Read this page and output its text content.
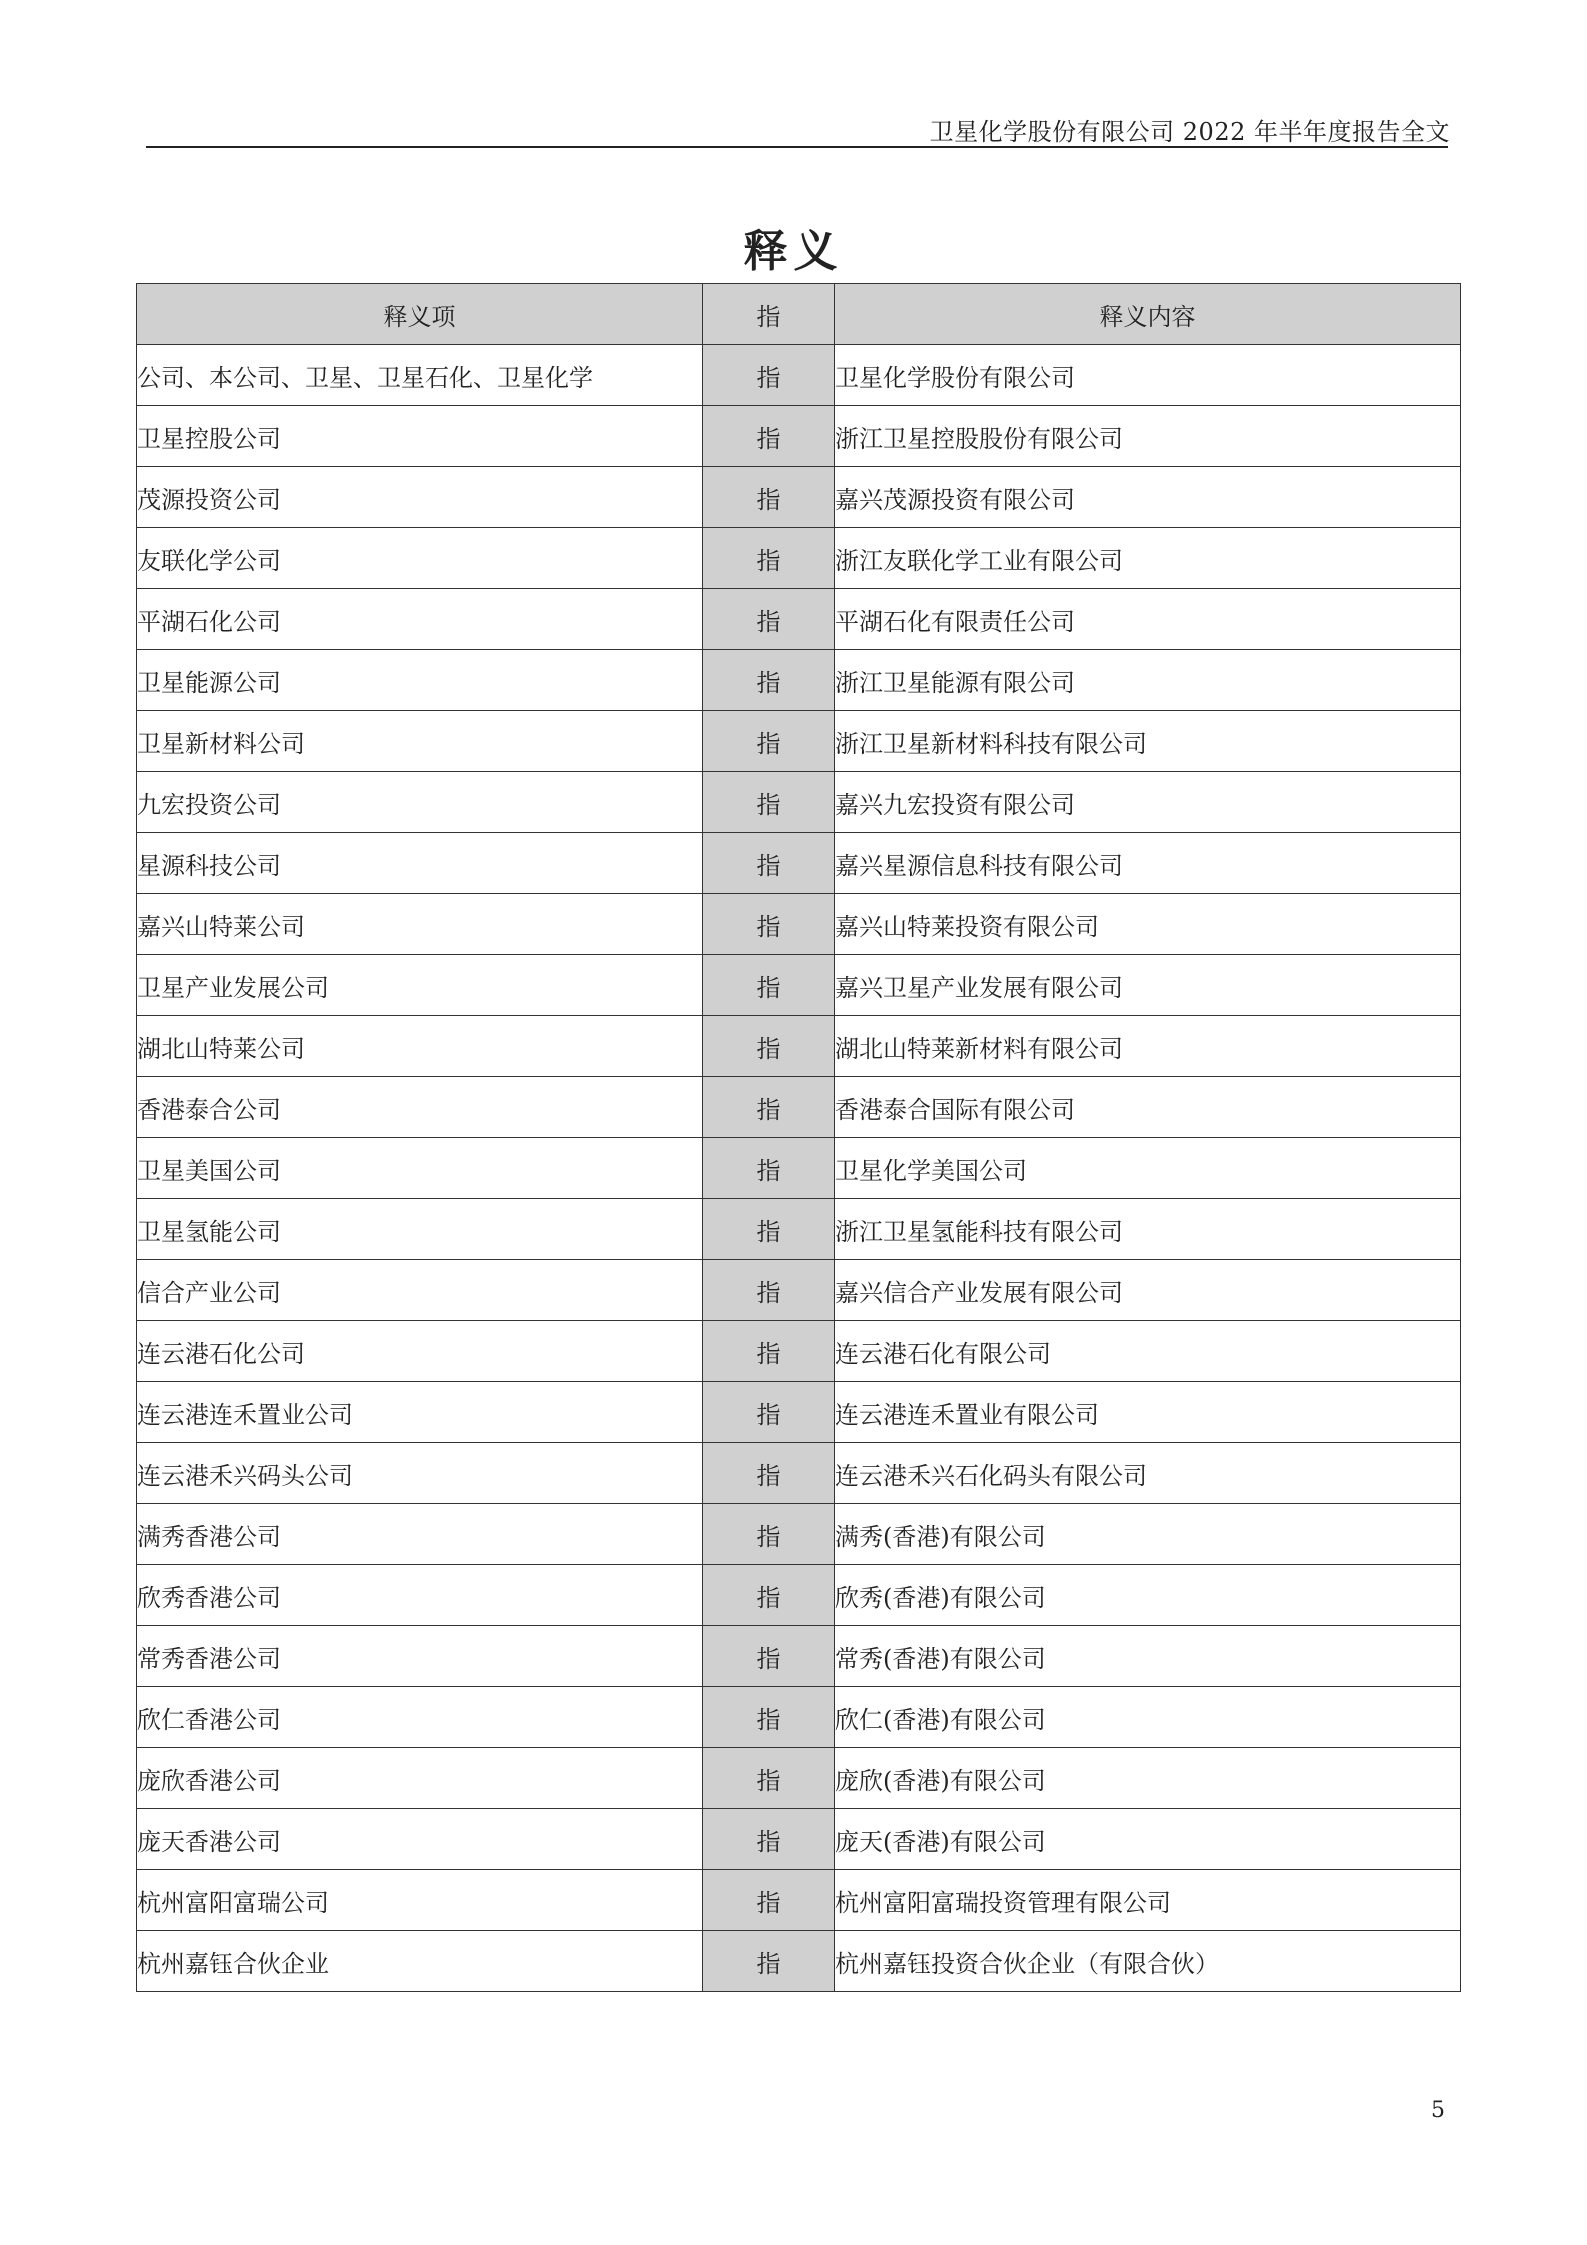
卫星化学股份有限公司 2022 年半年度报告全文
释义
释义项	指	释义内容
公司、本公司、卫星、卫星石化、卫星化学	指	卫星化学股份有限公司
卫星控股公司	指	浙江卫星控股股份有限公司
茂源投资公司	指	嘉兴茂源投资有限公司
友联化学公司	指	浙江友联化学工业有限公司
平湖石化公司	指	平湖石化有限责任公司
卫星能源公司	指	浙江卫星能源有限公司
卫星新材料公司	指	浙江卫星新材料科技有限公司
九宏投资公司	指	嘉兴九宏投资有限公司
星源科技公司	指	嘉兴星源信息科技有限公司
嘉兴山特莱公司	指	嘉兴山特莱投资有限公司
卫星产业发展公司	指	嘉兴卫星产业发展有限公司
湖北山特莱公司	指	湖北山特莱新材料有限公司
香港泰合公司	指	香港泰合国际有限公司
卫星美国公司	指	卫星化学美国公司
卫星氢能公司	指	浙江卫星氢能科技有限公司
信合产业公司	指	嘉兴信合产业发展有限公司
连云港石化公司	指	连云港石化有限公司
连云港连禾置业公司	指	连云港连禾置业有限公司
连云港禾兴码头公司	指	连云港禾兴石化码头有限公司
满秀香港公司	指	满秀(香港)有限公司
欣秀香港公司	指	欣秀(香港)有限公司
常秀香港公司	指	常秀(香港)有限公司
欣仁香港公司	指	欣仁(香港)有限公司
庞欣香港公司	指	庞欣(香港)有限公司
庞天香港公司	指	庞天(香港)有限公司
杭州富阳富瑞公司	指	杭州富阳富瑞投资管理有限公司
杭州嘉钰合伙企业	指	杭州嘉钰投资合伙企业（有限合伙）
5
